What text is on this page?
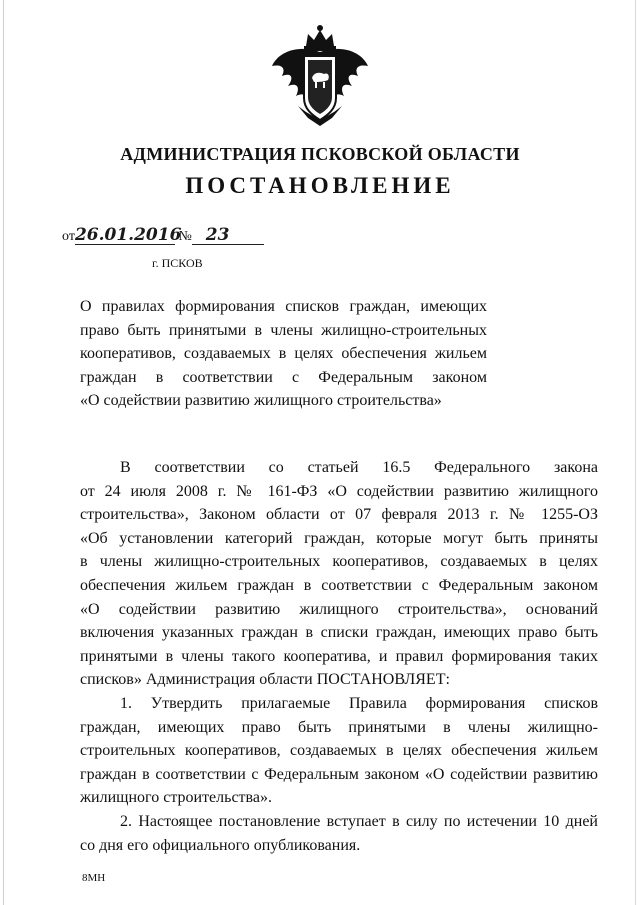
АДМИНИСТРАЦИЯ ПСКОВСКОЙ ОБЛАСТИ
ПОСТАНОВЛЕНИЕ
от26.01.2016 № 23
г. ПСКОВ
О правилах формирования списков граждан, имеющих
право быть принятыми в члены жилищно-строительных
кооперативов, создаваемых в целях обеспечения жильем
граждан в соответствии с Федеральным законом
«О содействии развитию жилищного строительства»
В соответствии со статьей 16.5 Федерального закона
от 24 июля 2008 г. № 161-ФЗ «О содействии развитию жилищного
строительства», Законом области от 07 февраля 2013 г. № 1255-ОЗ
«Об установлении категорий граждан, которые могут быть приняты
в члены жилищно-строительных кооперативов, создаваемых в целях
обеспечения жильем граждан в соответствии с Федеральным законом
«О содействии развитию жилищного строительства», оснований
включения указанных граждан в списки граждан, имеющих право быть
принятыми в члены такого кооператива, и правил формирования таких
списков» Администрация области ПОСТАНОВЛЯЕТ:
1. Утвердить прилагаемые Правила формирования списков
граждан, имеющих право быть принятыми в члены жилищно-
строительных кооперативов, создаваемых в целях обеспечения жильем
граждан в соответствии с Федеральным законом «О содействии развитию
жилищного строительства».
2. Настоящее постановление вступает в силу по истечении 10 дней
со дня его официального опубликования.
8МН
